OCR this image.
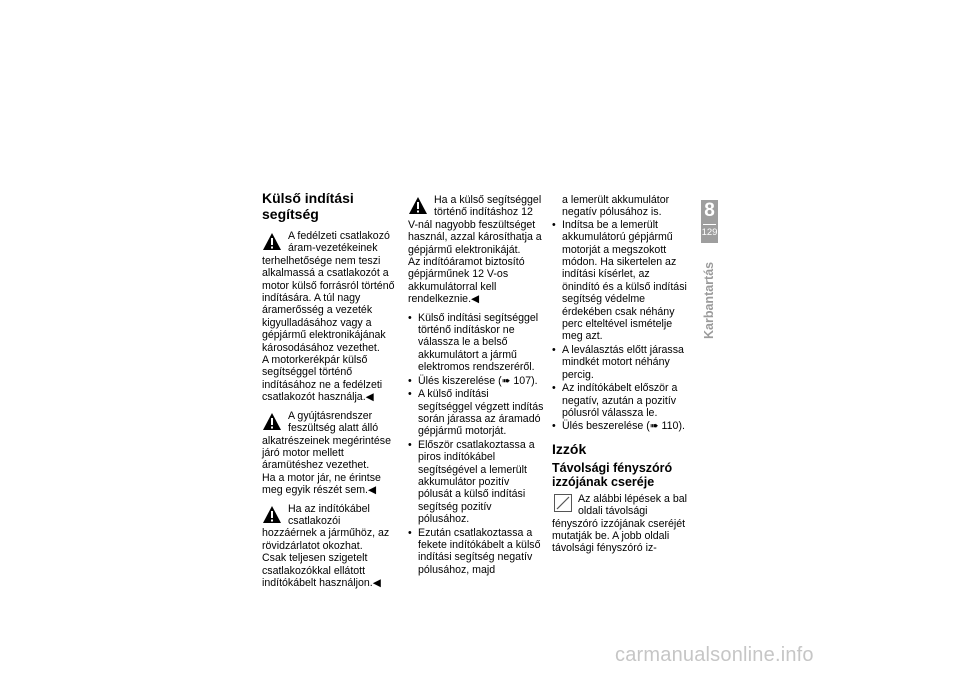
Külső indítási segítség

A fedélzeti csatlakozó áram-vezetékeinek terhelhetősége nem teszi alkalmassá a csatlakozót a motor külső forrásról történő indítására. A túl nagy áramerősség a vezeték kigyulladásához vagy a gépjármű elektronikájának károsodásához vezethet.

A motorkerékpár külső segítséggel történő indításához ne a fedélzeti csatlakozót használja.◀

A gyújtásrendszer feszültség alatt álló alkatrészeinek megérintése járó motor mellett áramütéshez vezethet.

Ha a motor jár, ne érintse meg egyik részét sem.◀

Ha az indítókábel csatlakozói hozzáérnek a járműhöz, az rövidzárlatot okozhat.

Csak teljesen szigetelt csatlakozókkal ellátott indítókábelt használjon.◀

Ha a külső segítséggel történő indításhoz 12 V-nál nagyobb feszültséget használ, azzal károsíthatja a gépjármű elektronikáját.

Az indítóáramot biztosító gépjárműnek 12 V-os akkumulátorral kell rendelkeznie.◀

• Külső indítási segítséggel történő indításkor ne válassza le a belső akkumulátort a jármű elektromos rendszeréről.
• Ülés kiszerelése (➠ 107).
• A külső indítási segítséggel végzett indítás során járassa az áramadó gépjármű motorját.
• Először csatlakoztassa a piros indítókábel segítségével a lemerült akkumulátor pozitív pólusát a külső indítási segítség pozitív pólusához.
• Ezután csatlakoztassa a fekete indítókábelt a külső indítási segítség negatív pólusához, majd

a lemerült akkumulátor negatív pólusához is.

• Indítsa be a lemerült akkumulátorú gépjármű motorját a megszokott módon. Ha sikertelen az indítási kísérlet, az önindító és a külső indítási segítség védelme érdekében csak néhány perc elteltével ismételje meg azt.
• A leválasztás előtt járassa mindkét motort néhány percig.
• Az indítókábelt először a negatív, azután a pozitív pólusról válassza le.
• Ülés beszerelése (➠ 110).
Izzók
Távolsági fényszóró izzójának cseréje

Az alábbi lépések a bal oldali távolsági fényszóró izzójának cseréjét mutatják be. A jobb oldali távolsági fényszóró iz-

8
129
Karbantartás
carmanualsonline.info
